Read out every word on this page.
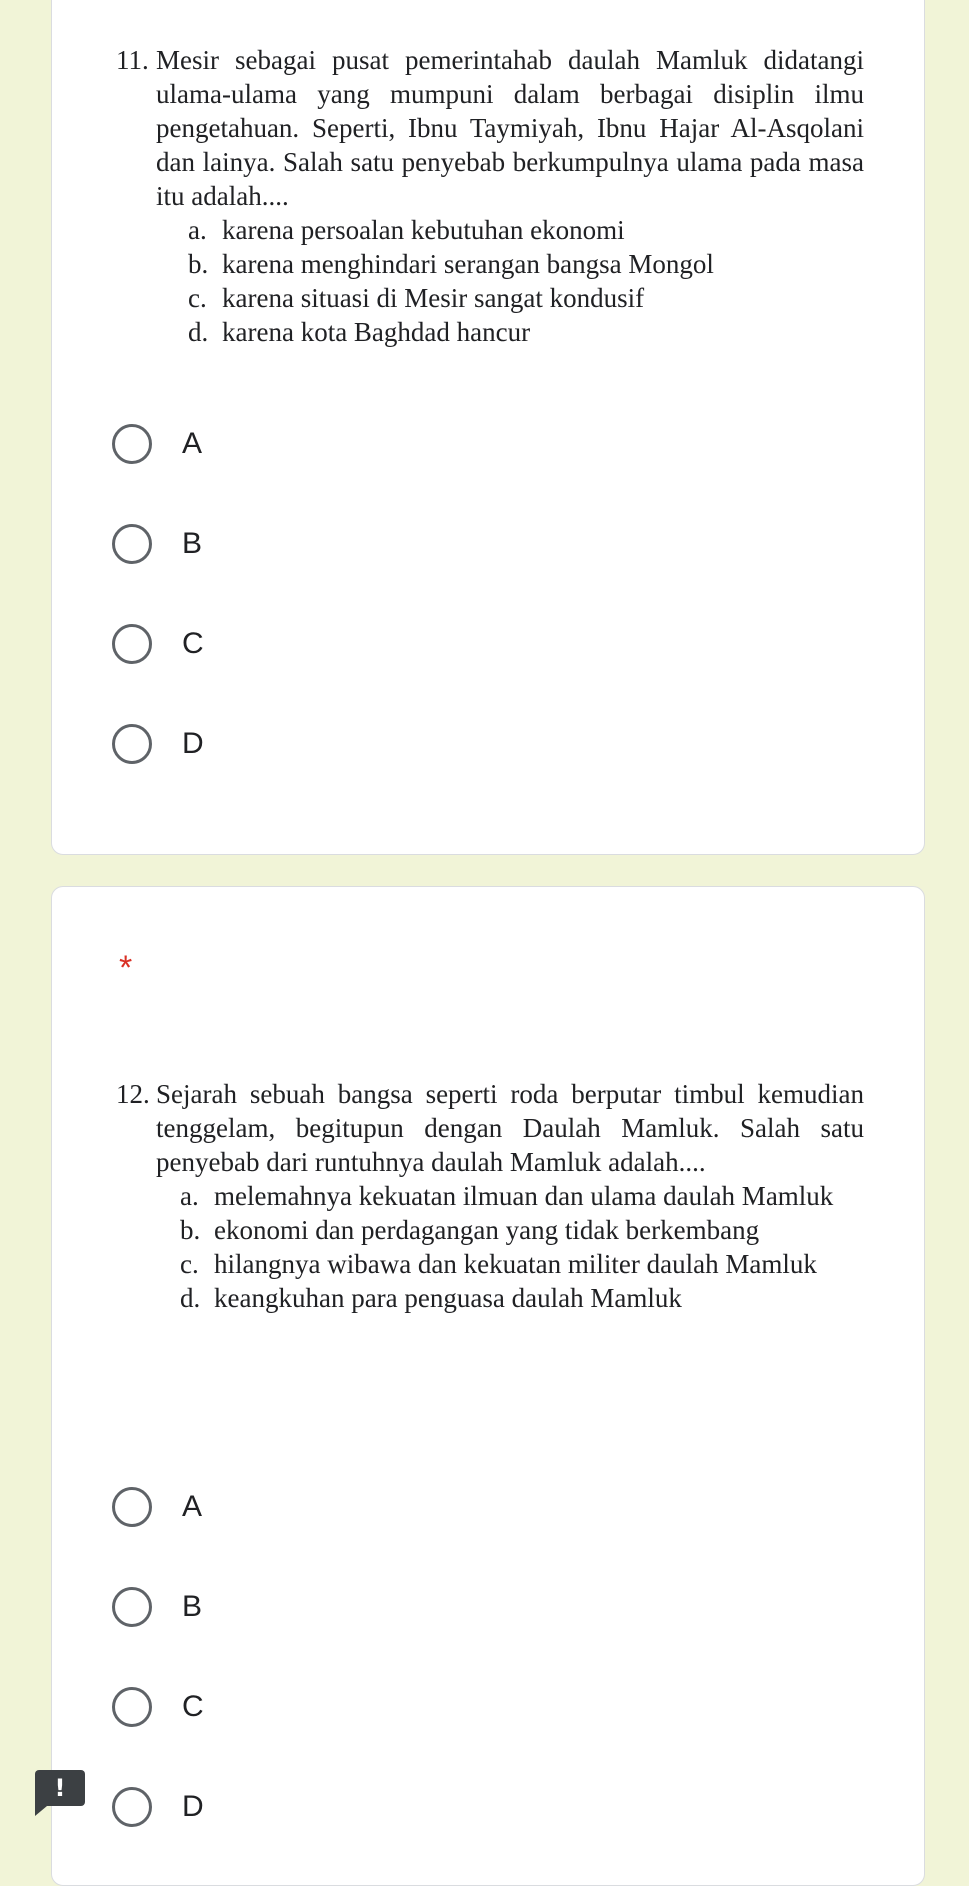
11. Mesir sebagai pusat pemerintahab daulah Mamluk didatangi ulama-ulama yang mumpuni dalam berbagai disiplin ilmu pengetahuan. Seperti, Ibnu Taymiyah, Ibnu Hajar Al-Asqolani dan lainya. Salah satu penyebab berkumpulnya ulama pada masa itu adalah....
a. karena persoalan kebutuhan ekonomi
b. karena menghindari serangan bangsa Mongol
c. karena situasi di Mesir sangat kondusif
d. karena kota Baghdad hancur
A
B
C
D
*
12. Sejarah sebuah bangsa seperti roda berputar timbul kemudian tenggelam, begitupun dengan Daulah Mamluk. Salah satu penyebab dari runtuhnya daulah Mamluk adalah....
a. melemahnya kekuatan ilmuan dan ulama daulah Mamluk
b. ekonomi dan perdagangan yang tidak berkembang
c. hilangnya wibawa dan kekuatan militer daulah Mamluk
d. keangkuhan para penguasa daulah Mamluk
A
B
C
D
!
